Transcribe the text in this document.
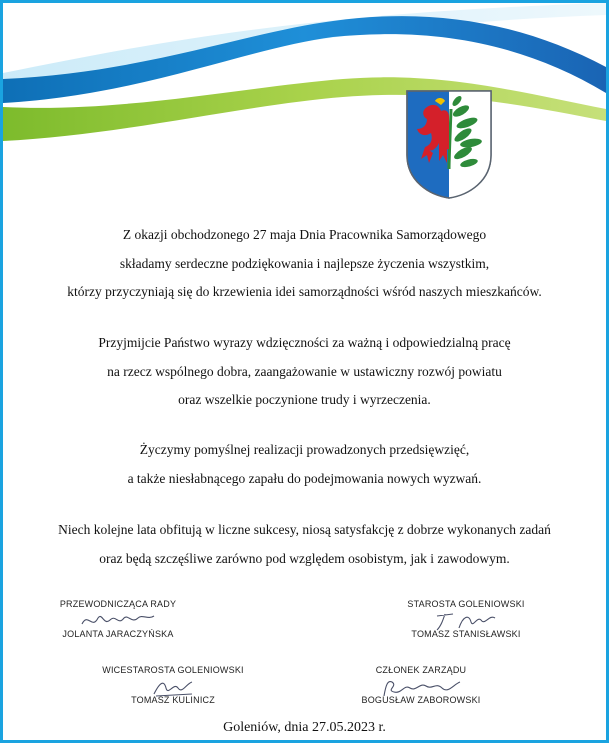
Z okazji obchodzonego 27 maja Dnia Pracownika Samorządowego
składamy serdeczne podziękowania i najlepsze życzenia wszystkim,
którzy przyczyniają się do krzewienia idei samorządności wśród naszych mieszkańców.

Przyjmijcie Państwo wyrazy wdzięczności za ważną i odpowiedzialną pracę
na rzecz wspólnego dobra, zaangażowanie w ustawiczny rozwój powiatu
oraz wszelkie poczynione trudy i wyrzeczenia.

Życzymy pomyślnej realizacji prowadzonych przedsięwzięć,
a także niesłabnącego zapału do podejmowania nowych wyzwań.

Niech kolejne lata obfitują w liczne sukcesy, niosą satysfakcję z dobrze wykonanych zadań
oraz będą szczęśliwe zarówno pod względem osobistym, jak i zawodowym.

PRZEWODNICZĄCA RADY
JOLANTA JARACZYŃSKA
STAROSTA GOLENIOWSKI
TOMASZ STANISŁAWSKI
WICESTAROSTA GOLENIOWSKI
TOMASZ KULINICZ
CZŁONEK ZARZĄDU
BOGUSŁAW ZABOROWSKI
Goleniów, dnia 27.05.2023 r.
